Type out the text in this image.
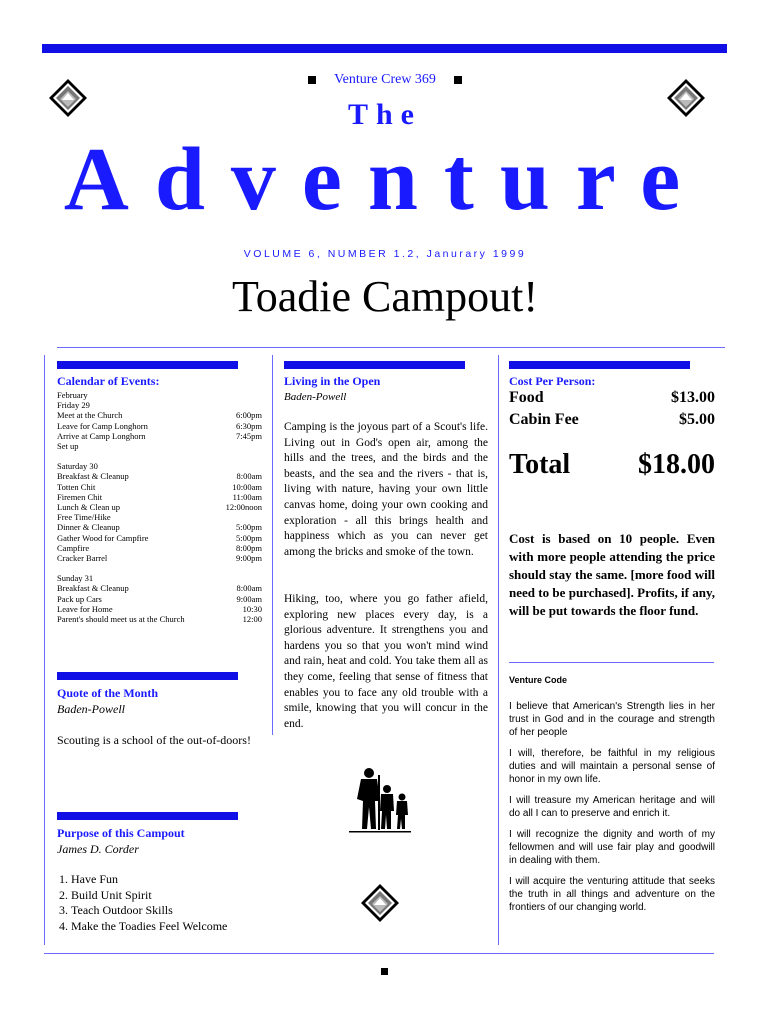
Venture Crew 369
The
Adventure
VOLUME 6, NUMBER 1.2, Janurary 1999
Toadie Campout!
Calendar of Events:
February
Friday 29
Meet at the Church	6:00pm
Leave for Camp Longhorn	6:30pm
Arrive at Camp Longhorn	7:45pm
Set up
Saturday 30
Breakfast & Cleanup	8:00am
Totten Chit	10:00am
Firemen Chit	11:00am
Lunch & Clean up	12:00noon
Free Time/Hike
Dinner & Cleanup	5:00pm
Gather Wood for Campfire	5:00pm
Campfire	8:00pm
Cracker Barrel	9:00pm
Sunday 31
Breakfast & Cleanup	8:00am
Pack up Cars	9:00am
Leave for Home	10:30
Parent's should meet us at the Church	12:00
Quote of the Month
Baden-Powell
Scouting is a school of the out-of-doors!
Purpose of this Campout
James D. Corder
1. Have Fun
2. Build Unit Spirit
3. Teach Outdoor Skills
4. Make the Toadies Feel Welcome
Living in the Open
Baden-Powell
Camping is the joyous part of a Scout's life. Living out in God's open air, among the hills and the trees, and the birds and the beasts, and the sea and the rivers - that is, living with nature, having your own little canvas home, doing your own cooking and exploration - all this brings health and happiness which as you can never get among the bricks and smoke of the town.
Hiking, too, where you go father afield, exploring new places every day, is a glorious adventure. It strengthens you and hardens you so that you won't mind wind and rain, heat and cold. You take them all as they come, feeling that sense of fitness that enables you to face any old trouble with a smile, knowing that you will concur in the end.
Cost Per Person:
Food	$13.00
Cabin Fee	$5.00
Total $18.00
Cost is based on 10 people. Even with more people attending the price should stay the same. [more food will need to be purchased]. Profits, if any, will be put towards the floor fund.
Venture Code

I believe that American's Strength lies in her trust in God and in the courage and strength of her people

I will, therefore, be faithful in my religious duties and will maintain a personal sense of honor in my own life.

I will treasure my American heritage and will do all I can to preserve and enrich it.

I will recognize the dignity and worth of my fellowmen and will use fair play and goodwill in dealing with them.

I will acquire the venturing attitude that seeks the truth in all things and adventure on the frontiers of our changing world.
